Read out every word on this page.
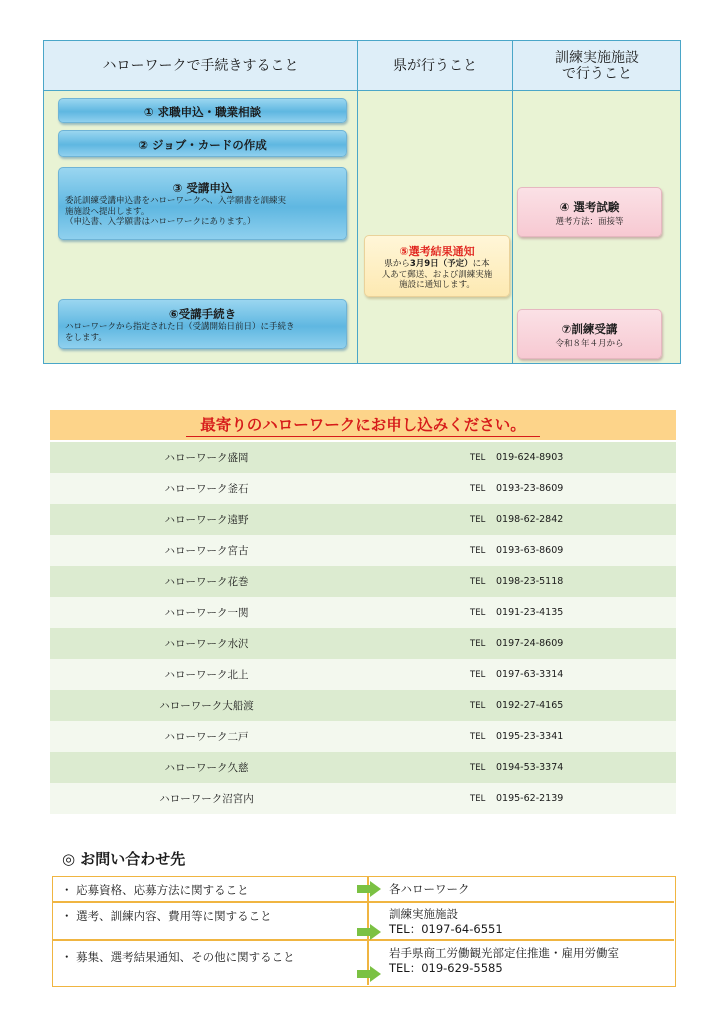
ハローワークで手続きすること	県が行うこと	訓練実施施設
で行うこと
① 求職申込・職業相談
② ジョブ・カードの作成
③ 受講申込
委託訓練受講申込書をハローワークへ、入学願書を訓練実
施施設へ提出します。
（申込書、入学願書はハローワークにあります。）
④ 選考試験
選考方法：面接等
⑤選考結果通知
県から3月9日（予定）に本
人あて郵送、および訓練実施
施設に通知します。
⑥受講手続き
ハローワークから指定された日（受講開始日前日）に手続き
をします。
⑦訓練受講
令和８年４月から
最寄りのハローワークにお申し込みください。
ハローワーク盛岡	TEL	019-624-8903
ハローワーク釜石	TEL	0193-23-8609
ハローワーク遠野	TEL	0198-62-2842
ハローワーク宮古	TEL	0193-63-8609
ハローワーク花巻	TEL	0198-23-5118
ハローワーク一関	TEL	0191-23-4135
ハローワーク水沢	TEL	0197-24-8609
ハローワーク北上	TEL	0197-63-3314
ハローワーク大船渡	TEL	0192-27-4165
ハローワーク二戸	TEL	0195-23-3341
ハローワーク久慈	TEL	0194-53-3374
ハローワーク沼宮内	TEL	0195-62-2139
◎ お問い合わせ先
・ 応募資格、応募方法に関すること	各ハローワーク
・ 選考、訓練内容、費用等に関すること	訓練実施施設
TEL：0197-64-6551
・ 募集、選考結果通知、その他に関すること	岩手県商工労働観光部定住推進・雇用労働室
TEL：019-629-5585
